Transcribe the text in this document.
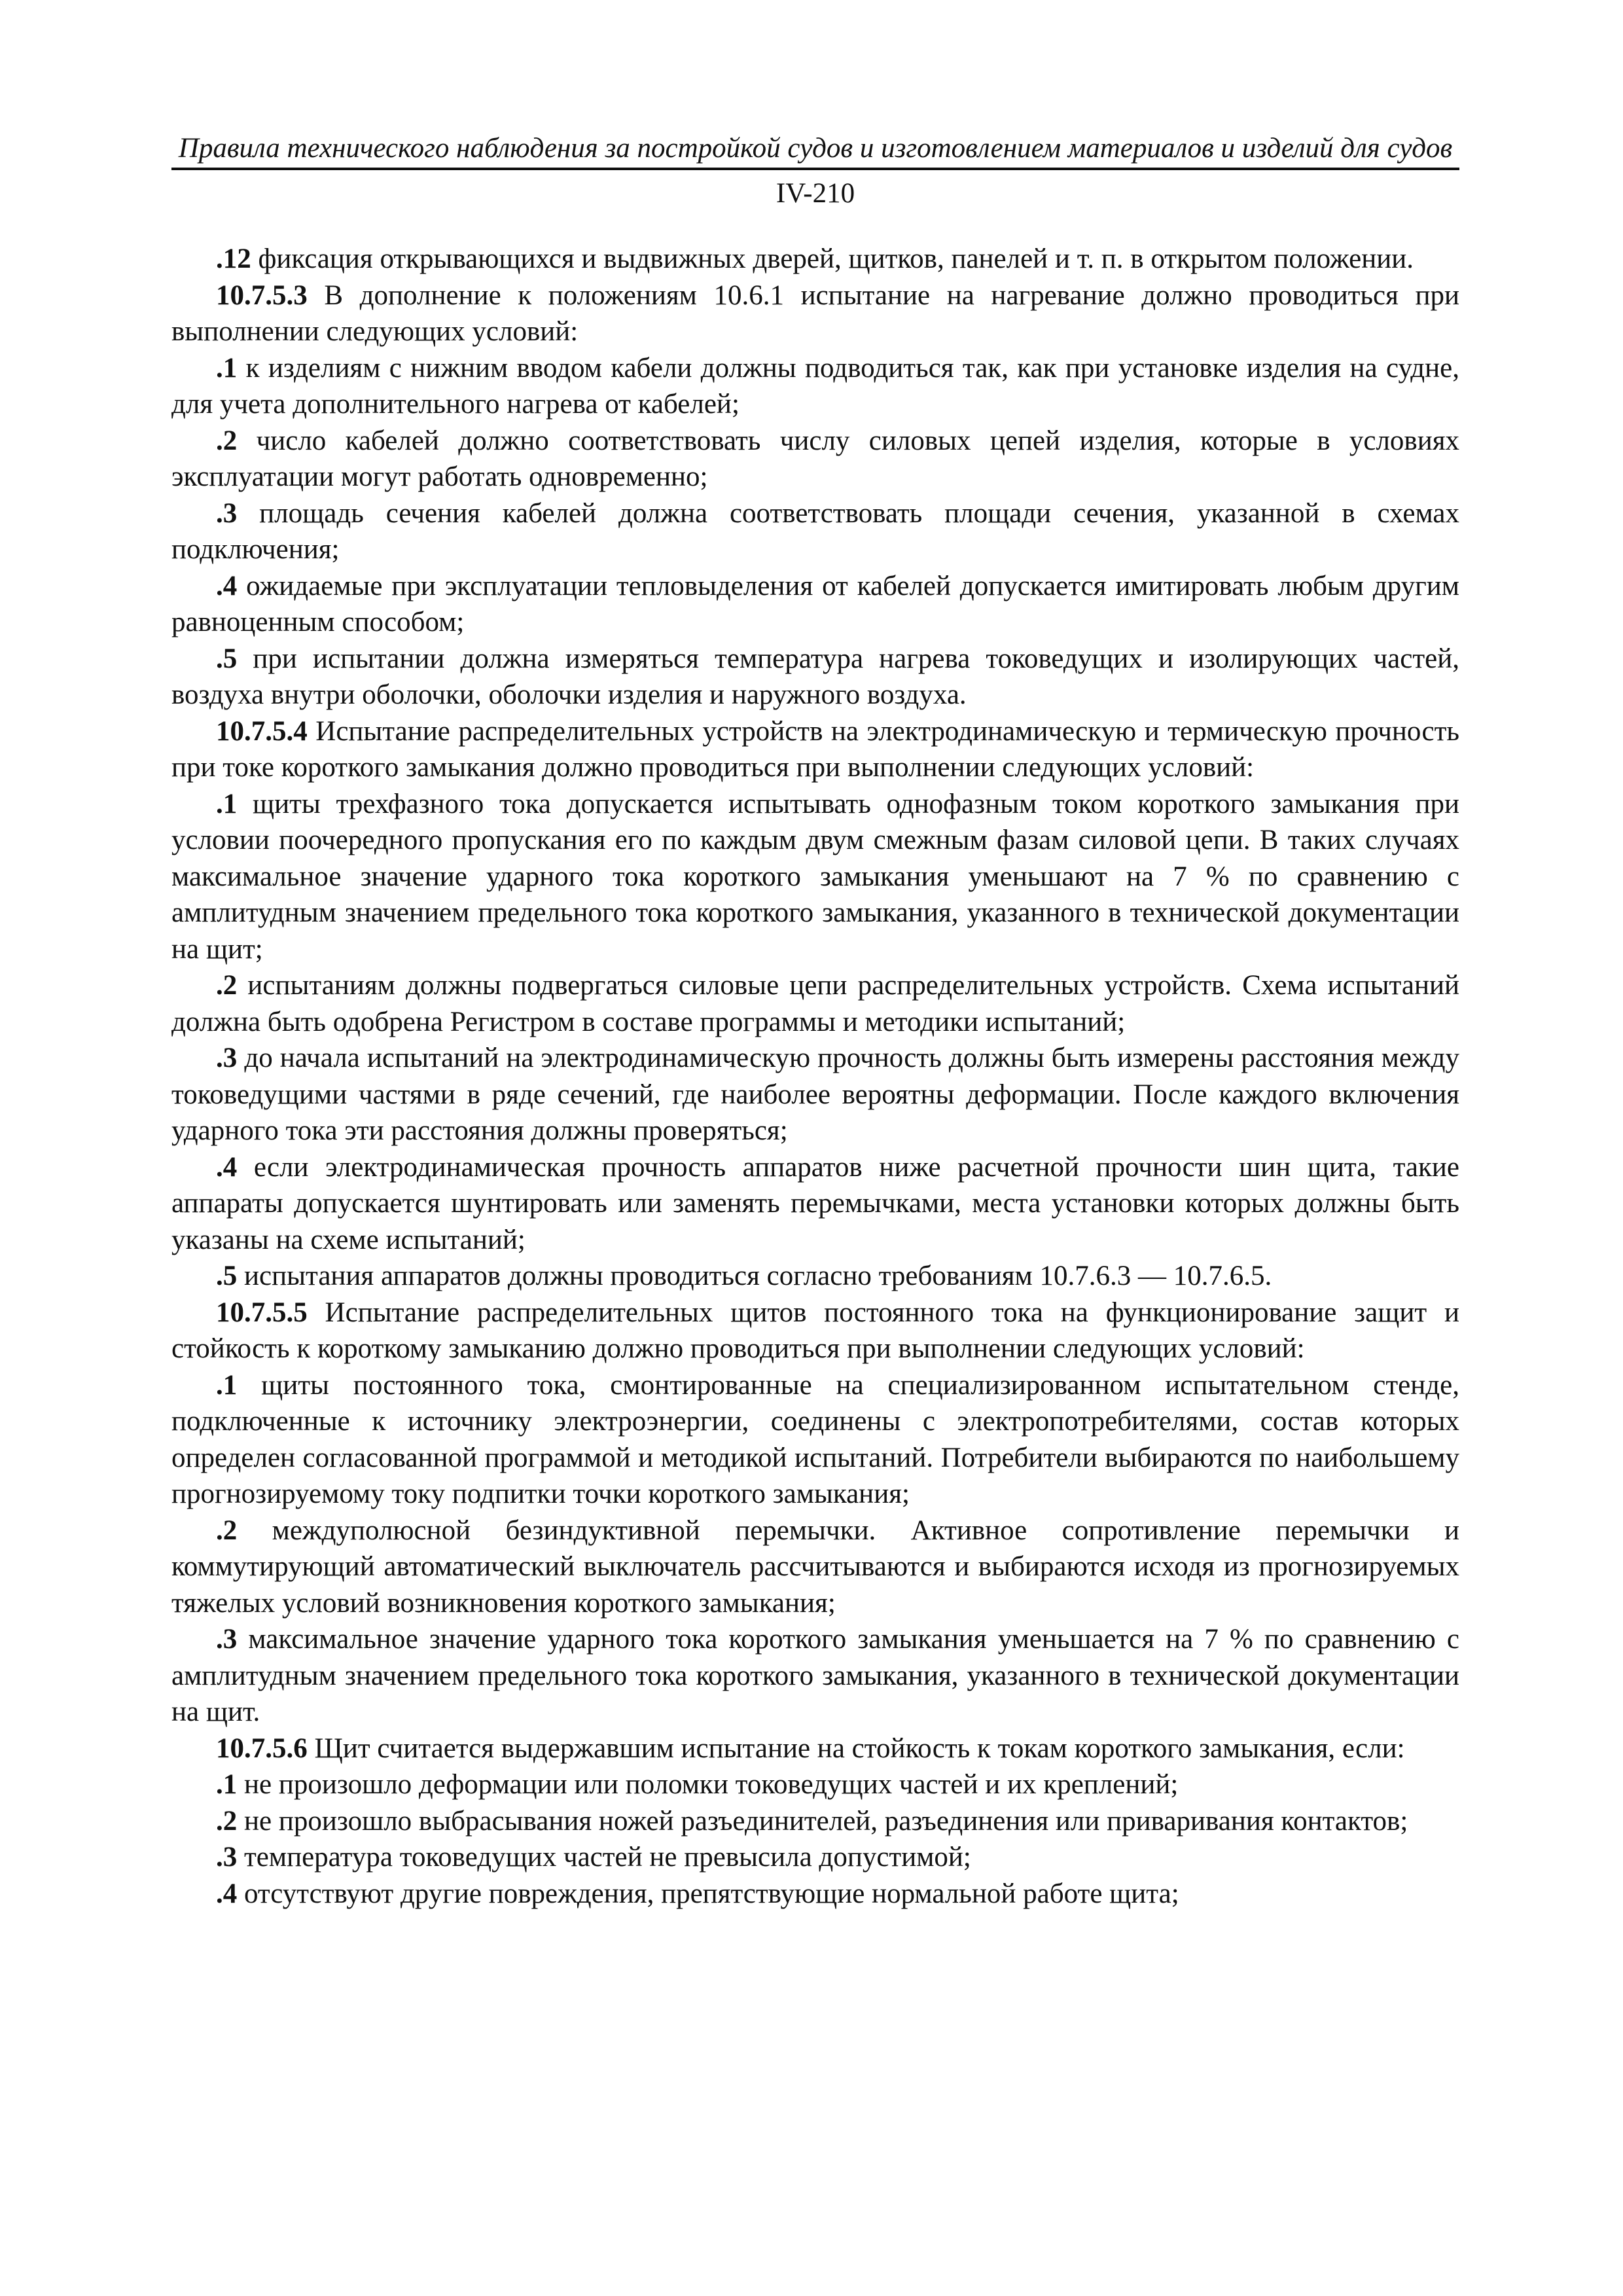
Правила технического наблюдения за постройкой судов и изготовлением материалов и изделий для судов
IV-210

.12 фиксация открывающихся и выдвижных дверей, щитков, панелей и т. п. в открытом положении.

10.7.5.3 В дополнение к положениям 10.6.1 испытание на нагревание должно проводиться при выполнении следующих условий:

.1 к изделиям с нижним вводом кабели должны подводиться так, как при установке изделия на судне, для учета дополнительного нагрева от кабелей;

.2 число кабелей должно соответствовать числу силовых цепей изделия, которые в условиях эксплуатации могут работать одновременно;

.3 площадь сечения кабелей должна соответствовать площади сечения, указанной в схемах подключения;

.4 ожидаемые при эксплуатации тепловыделения от кабелей допускается имитировать любым другим равноценным способом;

.5 при испытании должна измеряться температура нагрева токоведущих и изолирующих частей, воздуха внутри оболочки, оболочки изделия и наружного воздуха.

10.7.5.4 Испытание распределительных устройств на электродинамическую и термическую прочность при токе короткого замыкания должно проводиться при выполнении следующих условий:

.1 щиты трехфазного тока допускается испытывать однофазным током короткого замыкания при условии поочередного пропускания его по каждым двум смежным фазам силовой цепи. В таких случаях максимальное значение ударного тока короткого замыкания уменьшают на 7 % по сравнению с амплитудным значением предельного тока короткого замыкания, указанного в технической документации на щит;

.2 испытаниям должны подвергаться силовые цепи распределительных устройств. Схема испытаний должна быть одобрена Регистром в составе программы и методики испытаний;

.3 до начала испытаний на электродинамическую прочность должны быть измерены расстояния между токоведущими частями в ряде сечений, где наиболее вероятны деформации. После каждого включения ударного тока эти расстояния должны проверяться;

.4 если электродинамическая прочность аппаратов ниже расчетной прочности шин щита, такие аппараты допускается шунтировать или заменять перемычками, места установки которых должны быть указаны на схеме испытаний;

.5 испытания аппаратов должны проводиться согласно требованиям 10.7.6.3 — 10.7.6.5.

10.7.5.5 Испытание распределительных щитов постоянного тока на функционирование защит и стойкость к короткому замыканию должно проводиться при выполнении следующих условий:

.1 щиты постоянного тока, смонтированные на специализированном испытательном стенде, подключенные к источнику электроэнергии, соединены с электропотребителями, состав которых определен согласованной программой и методикой испытаний. Потребители выбираются по наибольшему прогнозируемому току подпитки точки короткого замыкания;

.2 междуполюсной безиндуктивной перемычки. Активное сопротивление перемычки и коммутирующий автоматический выключатель рассчитываются и выбираются исходя из прогнозируемых тяжелых условий возникновения короткого замыкания;

.3 максимальное значение ударного тока короткого замыкания уменьшается на 7 % по сравнению с амплитудным значением предельного тока короткого замыкания, указанного в технической документации на щит.

10.7.5.6 Щит считается выдержавшим испытание на стойкость к токам короткого замыкания, если:

.1 не произошло деформации или поломки токоведущих частей и их креплений;

.2 не произошло выбрасывания ножей разъединителей, разъединения или приваривания контактов;

.3 температура токоведущих частей не превысила допустимой;

.4 отсутствуют другие повреждения, препятствующие нормальной работе щита;
